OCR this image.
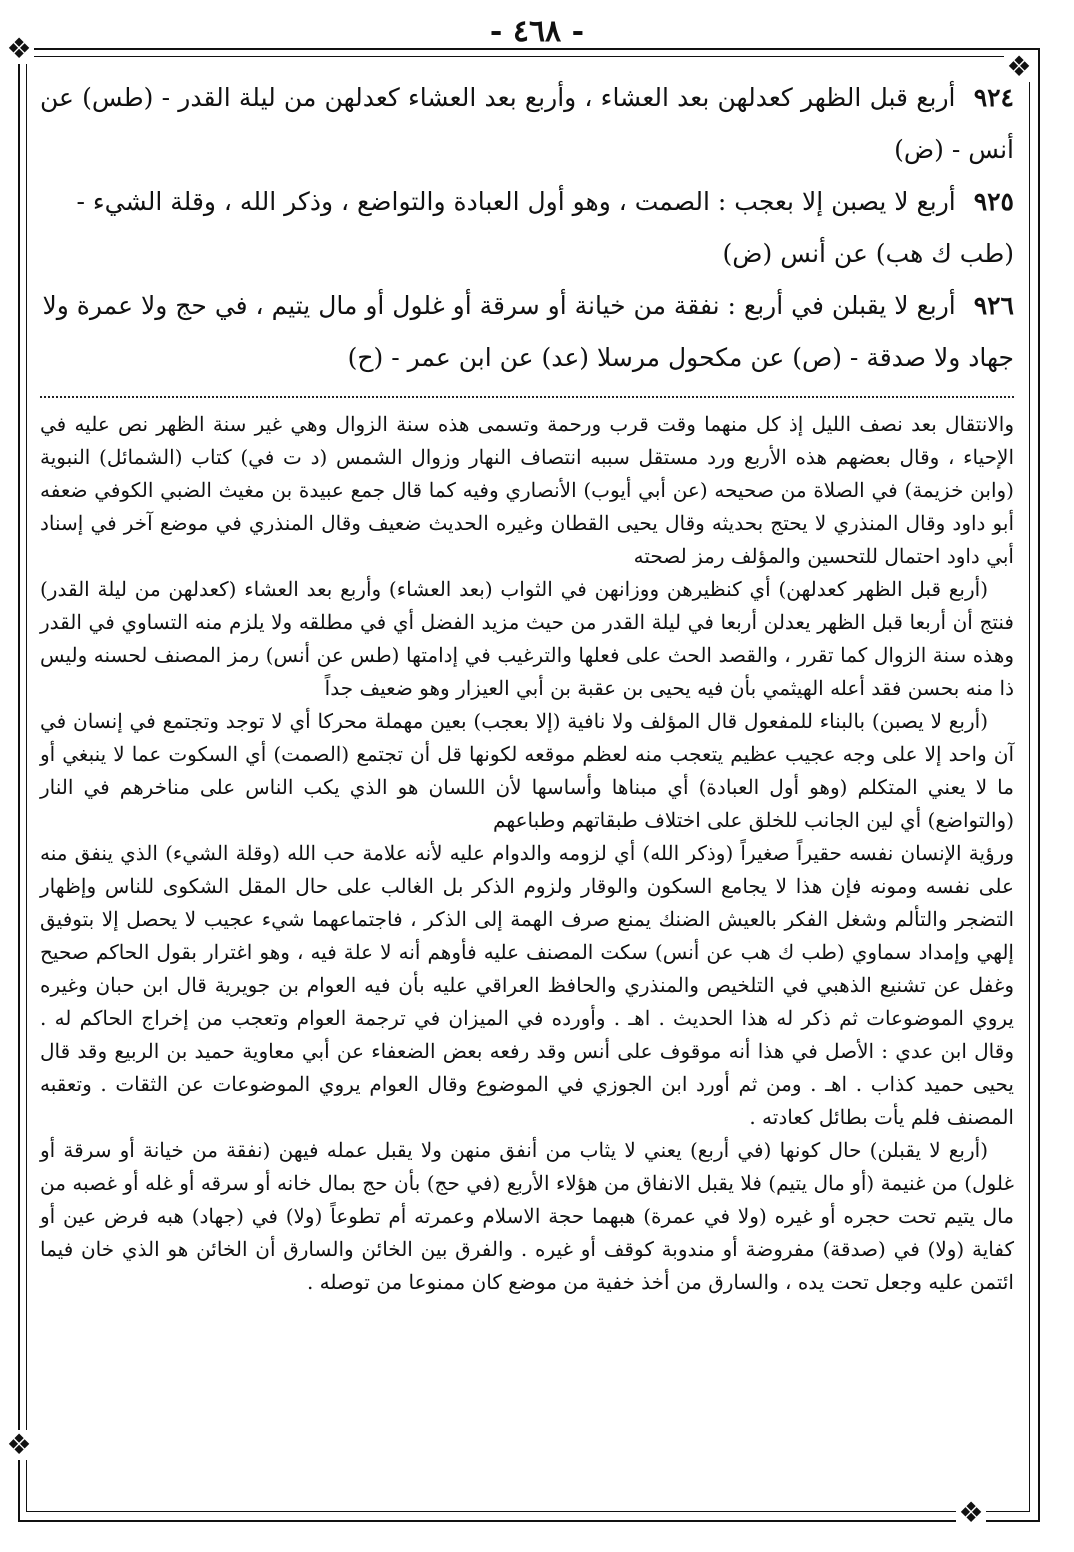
- ٤٦٨ -
❖
❖
❖
❖

٩٢٤ أربع قبل الظهر كعدلهن بعد العشاء ، وأربع بعد العشاء كعدلهن من ليلة القدر - (طس) عن أنس - (ض)

٩٢٥ أربع لا يصبن إلا بعجب : الصمت ، وهو أول العبادة والتواضع ، وذكر الله ، وقلة الشيء -

(طب ك هب) عن أنس (ض)

٩٢٦ أربع لا يقبلن في أربع : نفقة من خيانة أو سرقة أو غلول أو مال يتيم ، في حج ولا عمرة ولا

جهاد ولا صدقة - (ص) عن مكحول مرسلا (عد) عن ابن عمر - (ح)

والانتقال بعد نصف الليل إذ كل منهما وقت قرب ورحمة وتسمى هذه سنة الزوال وهي غير سنة الظهر نص عليه في الإحياء ، وقال بعضهم هذه الأربع ورد مستقل سببه انتصاف النهار وزوال الشمس (د ت في) كتاب (الشمائل) النبوية (وابن خزيمة) في الصلاة من صحيحه (عن أبي أيوب) الأنصاري وفيه كما قال جمع عبيدة بن مغيث الضبي الكوفي ضعفه أبو داود وقال المنذري لا يحتج بحديثه وقال يحيى القطان وغيره الحديث ضعيف وقال المنذري في موضع آخر في إسناد أبي داود احتمال للتحسين والمؤلف رمز لصحته

(أربع قبل الظهر كعدلهن) أي كنظيرهن ووزانهن في الثواب (بعد العشاء) وأربع بعد العشاء (كعدلهن من ليلة القدر) فنتج أن أربعا قبل الظهر يعدلن أربعا في ليلة القدر من حيث مزيد الفضل أي في مطلقه ولا يلزم منه التساوي في القدر وهذه سنة الزوال كما تقرر ، والقصد الحث على فعلها والترغيب في إدامتها (طس عن أنس) رمز المصنف لحسنه وليس ذا منه بحسن فقد أعله الهيثمي بأن فيه يحيى بن عقبة بن أبي العيزار وهو ضعيف جداً

(أربع لا يصبن) بالبناء للمفعول قال المؤلف ولا نافية (إلا بعجب) بعين مهملة محركا أي لا توجد وتجتمع في إنسان في آن واحد إلا على وجه عجيب عظيم يتعجب منه لعظم موقعه لكونها قل أن تجتمع (الصمت) أي السكوت عما لا ينبغي أو ما لا يعني المتكلم (وهو أول العبادة) أي مبناها وأساسها لأن اللسان هو الذي يكب الناس على مناخرهم في النار (والتواضع) أي لين الجانب للخلق على اختلاف طبقاتهم وطباعهم

ورؤية الإنسان نفسه حقيراً صغيراً (وذكر الله) أي لزومه والدوام عليه لأنه علامة حب الله (وقلة الشيء) الذي ينفق منه على نفسه ومونه فإن هذا لا يجامع السكون والوقار ولزوم الذكر بل الغالب على حال المقل الشكوى للناس وإظهار التضجر والتألم وشغل الفكر بالعيش الضنك يمنع صرف الهمة إلى الذكر ، فاجتماعهما شيء عجيب لا يحصل إلا بتوفيق إلهي وإمداد سماوي (طب ك هب عن أنس) سكت المصنف عليه فأوهم أنه لا علة فيه ، وهو اغترار بقول الحاكم صحيح وغفل عن تشنيع الذهبي في التلخيص والمنذري والحافظ العراقي عليه بأن فيه العوام بن جويرية قال ابن حبان وغيره يروي الموضوعات ثم ذكر له هذا الحديث . اهـ . وأورده في الميزان في ترجمة العوام وتعجب من إخراج الحاكم له . وقال ابن عدي : الأصل في هذا أنه موقوف على أنس وقد رفعه بعض الضعفاء عن أبي معاوية حميد بن الربيع وقد قال يحيى حميد كذاب . اهـ . ومن ثم أورد ابن الجوزي في الموضوع وقال العوام يروي الموضوعات عن الثقات . وتعقبه المصنف فلم يأت بطائل كعادته .

(أربع لا يقبلن) حال كونها (في أربع) يعني لا يثاب من أنفق منهن ولا يقبل عمله فيهن (نفقة من خيانة أو سرقة أو غلول) من غنيمة (أو مال يتيم) فلا يقبل الانفاق من هؤلاء الأربع (في حج) بأن حج بمال خانه أو سرقه أو غله أو غصبه من مال يتيم تحت حجره أو غيره (ولا في عمرة) هبهما حجة الاسلام وعمرته أم تطوعاً (ولا) في (جهاد) هبه فرض عين أو كفاية (ولا) في (صدقة) مفروضة أو مندوبة كوقف أو غيره . والفرق بين الخائن والسارق أن الخائن هو الذي خان فيما ائتمن عليه وجعل تحت يده ، والسارق من أخذ خفية من موضع كان ممنوعا من توصله .
